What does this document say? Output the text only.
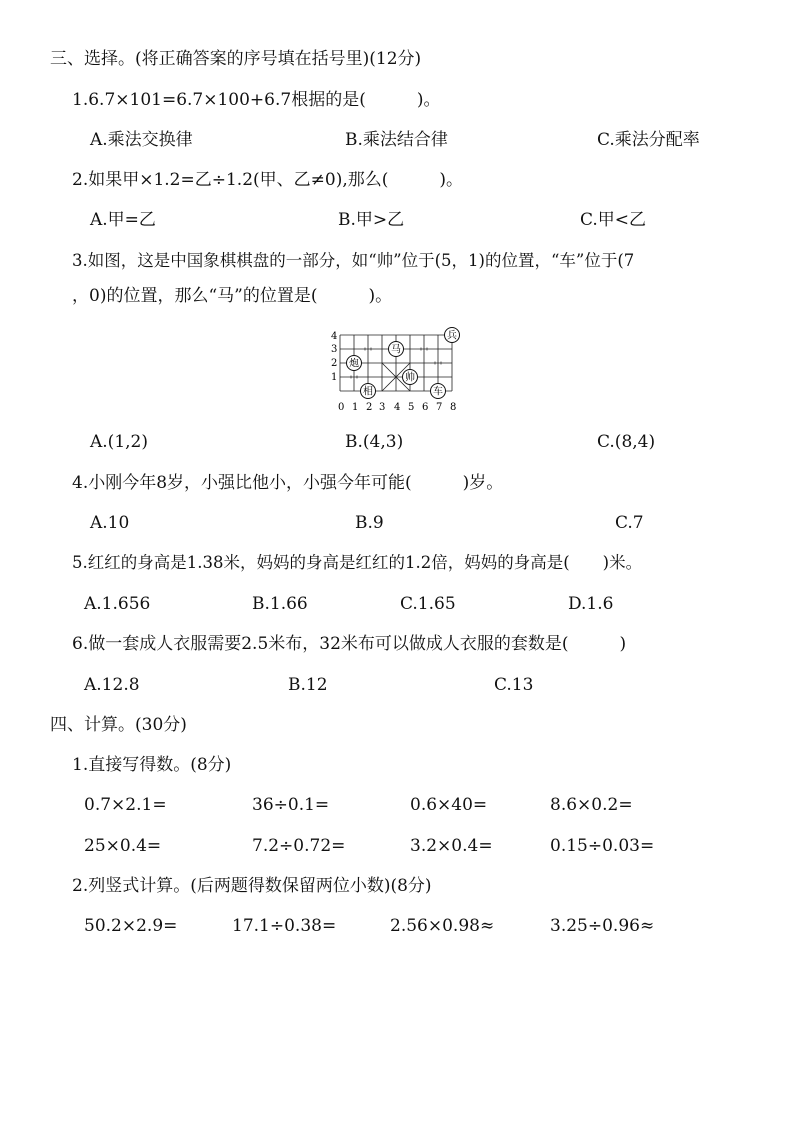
三、选择。(将正确答案的序号填在括号里)(12分)
1.6.7×101=6.7×100+6.7根据的是(　　　)。
A.乘法交换律	B.乘法结合律	C.乘法分配率
2.如果甲×1.2=乙÷1.2(甲、乙≠0),那么(　　　)。
A.甲=乙	B.甲>乙	C.甲<乙
3.如图，这是中国象棋棋盘的一部分，如“帅”位于(5，1)的位置，“车”位于(7
，0)的位置，那么“马”的位置是(　　　)。
4
3
2
1
0 1 2 3 4 5 6 7 8
兵
马
炮
相
帅
车
A.(1,2)	B.(4,3)	C.(8,4)
4.小刚今年8岁，小强比他小，小强今年可能(　　　)岁。
A.10	B.9	C.7
5.红红的身高是1.38米，妈妈的身高是红红的1.2倍，妈妈的身高是(　　)米。
A.1.656	B.1.66	C.1.65	D.1.6
6.做一套成人衣服需要2.5米布，32米布可以做成人衣服的套数是(　　　)
A.12.8	B.12	C.13
四、计算。(30分)
1.直接写得数。(8分)
0.7×2.1=	36÷0.1=	0.6×40=	8.6×0.2=
25×0.4=	7.2÷0.72=	3.2×0.4=	0.15÷0.03=
2.列竖式计算。(后两题得数保留两位小数)(8分)
50.2×2.9=	17.1÷0.38=	2.56×0.98≈	3.25÷0.96≈
